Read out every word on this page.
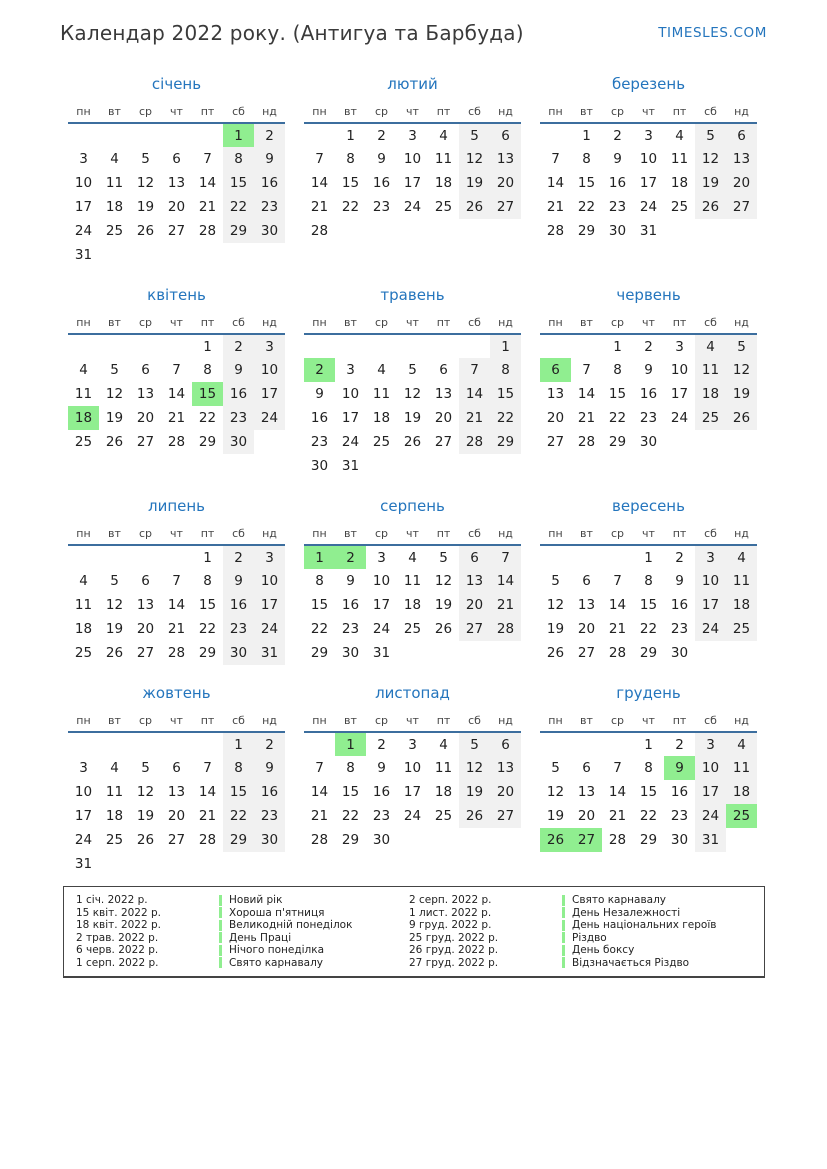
Календар 2022 року. (Антигуа та Барбуда)	TIMESLES.COM
січень
пн	вт	ср	чт	пт	сб	нд
					1	2
3	4	5	6	7	8	9
10	11	12	13	14	15	16
17	18	19	20	21	22	23
24	25	26	27	28	29	30
31						
лютий
пн	вт	ср	чт	пт	сб	нд
	1	2	3	4	5	6
7	8	9	10	11	12	13
14	15	16	17	18	19	20
21	22	23	24	25	26	27
28						
березень
пн	вт	ср	чт	пт	сб	нд
	1	2	3	4	5	6
7	8	9	10	11	12	13
14	15	16	17	18	19	20
21	22	23	24	25	26	27
28	29	30	31			
квітень
пн	вт	ср	чт	пт	сб	нд
				1	2	3
4	5	6	7	8	9	10
11	12	13	14	15	16	17
18	19	20	21	22	23	24
25	26	27	28	29	30	
травень
пн	вт	ср	чт	пт	сб	нд
						1
2	3	4	5	6	7	8
9	10	11	12	13	14	15
16	17	18	19	20	21	22
23	24	25	26	27	28	29
30	31					
червень
пн	вт	ср	чт	пт	сб	нд
		1	2	3	4	5
6	7	8	9	10	11	12
13	14	15	16	17	18	19
20	21	22	23	24	25	26
27	28	29	30			
липень
пн	вт	ср	чт	пт	сб	нд
				1	2	3
4	5	6	7	8	9	10
11	12	13	14	15	16	17
18	19	20	21	22	23	24
25	26	27	28	29	30	31
серпень
пн	вт	ср	чт	пт	сб	нд
1	2	3	4	5	6	7
8	9	10	11	12	13	14
15	16	17	18	19	20	21
22	23	24	25	26	27	28
29	30	31				
вересень
пн	вт	ср	чт	пт	сб	нд
			1	2	3	4
5	6	7	8	9	10	11
12	13	14	15	16	17	18
19	20	21	22	23	24	25
26	27	28	29	30		
жовтень
пн	вт	ср	чт	пт	сб	нд
					1	2
3	4	5	6	7	8	9
10	11	12	13	14	15	16
17	18	19	20	21	22	23
24	25	26	27	28	29	30
31						
листопад
пн	вт	ср	чт	пт	сб	нд
	1	2	3	4	5	6
7	8	9	10	11	12	13
14	15	16	17	18	19	20
21	22	23	24	25	26	27
28	29	30				
грудень
пн	вт	ср	чт	пт	сб	нд
			1	2	3	4
5	6	7	8	9	10	11
12	13	14	15	16	17	18
19	20	21	22	23	24	25
26	27	28	29	30	31	
1 січ. 2022 р.	Новий рік	2 серп. 2022 р.	Свято карнавалу
15 квіт. 2022 р.	Хороша п'ятниця	1 лист. 2022 р.	День Незалежності
18 квіт. 2022 р.	Великодній понеділок	9 груд. 2022 р.	День національних героїв
2 трав. 2022 р.	День Праці	25 груд. 2022 р.	Різдво
6 черв. 2022 р.	Нічого понеділка	26 груд. 2022 р.	День боксу
1 серп. 2022 р.	Свято карнавалу	27 груд. 2022 р.	Відзначається Різдво
